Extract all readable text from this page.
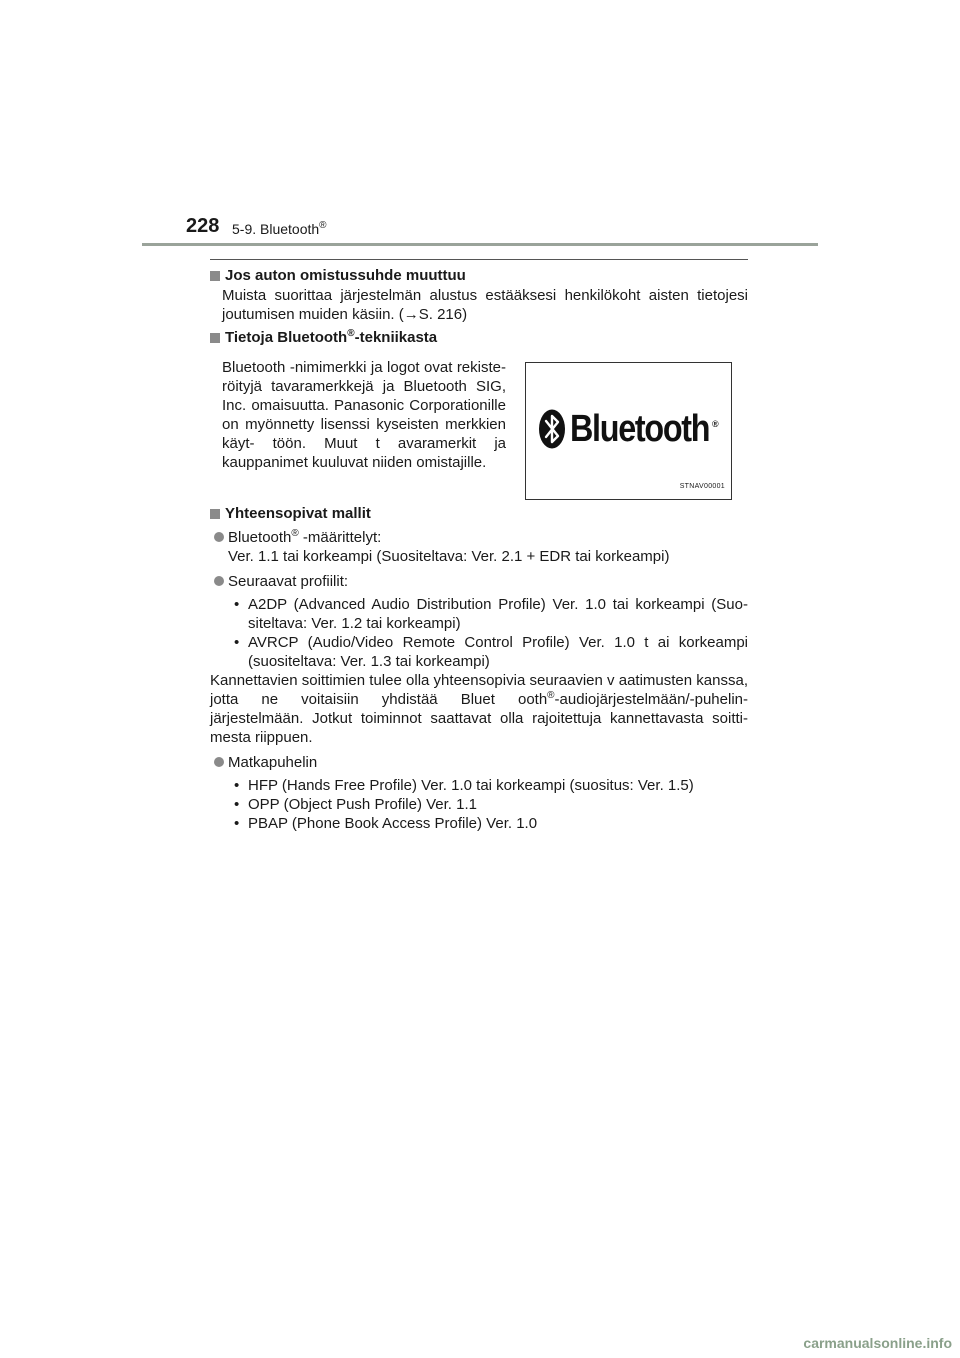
228 5-9. Bluetooth®
Jos auton omistussuhde muuttuu
Muista suorittaa järjestelmän alustus estääksesi henkilökoht aisten tietojesi joutumisen muiden käsiin. (→S. 216)
Tietoja Bluetooth®-tekniikasta
Bluetooth -nimimerkki ja logot ovat rekiste- röityjä tavaramerkkejä ja Bluetooth SIG, Inc. omaisuutta. Panasonic Corporationille on myönnetty lisenssi kyseisten merkkien käyt- töön. Muut t avaramerkit ja kauppanimet kuuluvat niiden omistajille.
Bluetooth ®
STNAV00001
Yhteensopivat mallit
Bluetooth® -määrittelyt:
Ver. 1.1 tai korkeampi (Suositeltava: Ver. 2.1 + EDR tai korkeampi)
Seuraavat profiilit:
• A2DP (Advanced Audio Distribution Profile) Ver. 1.0 tai korkeampi (Suo- siteltava: Ver. 1.2 tai korkeampi)
• AVRCP (Audio/Video Remote Control Profile) Ver. 1.0 t ai korkeampi (suositeltava: Ver. 1.3 tai korkeampi)
Kannettavien soittimien tulee olla yhteensopivia seuraavien v aatimusten kanssa, jotta ne voitaisiin yhdistää Bluet ooth®-audiojärjestelmään/-puhelin- järjestelmään. Jotkut toiminnot saattavat olla rajoitettuja kannettavasta soitti- mesta riippuen.
Matkapuhelin
• HFP (Hands Free Profile) Ver. 1.0 tai korkeampi (suositus: Ver. 1.5)
• OPP (Object Push Profile) Ver. 1.1
• PBAP (Phone Book Access Profile) Ver. 1.0
carmanualsonline.info
